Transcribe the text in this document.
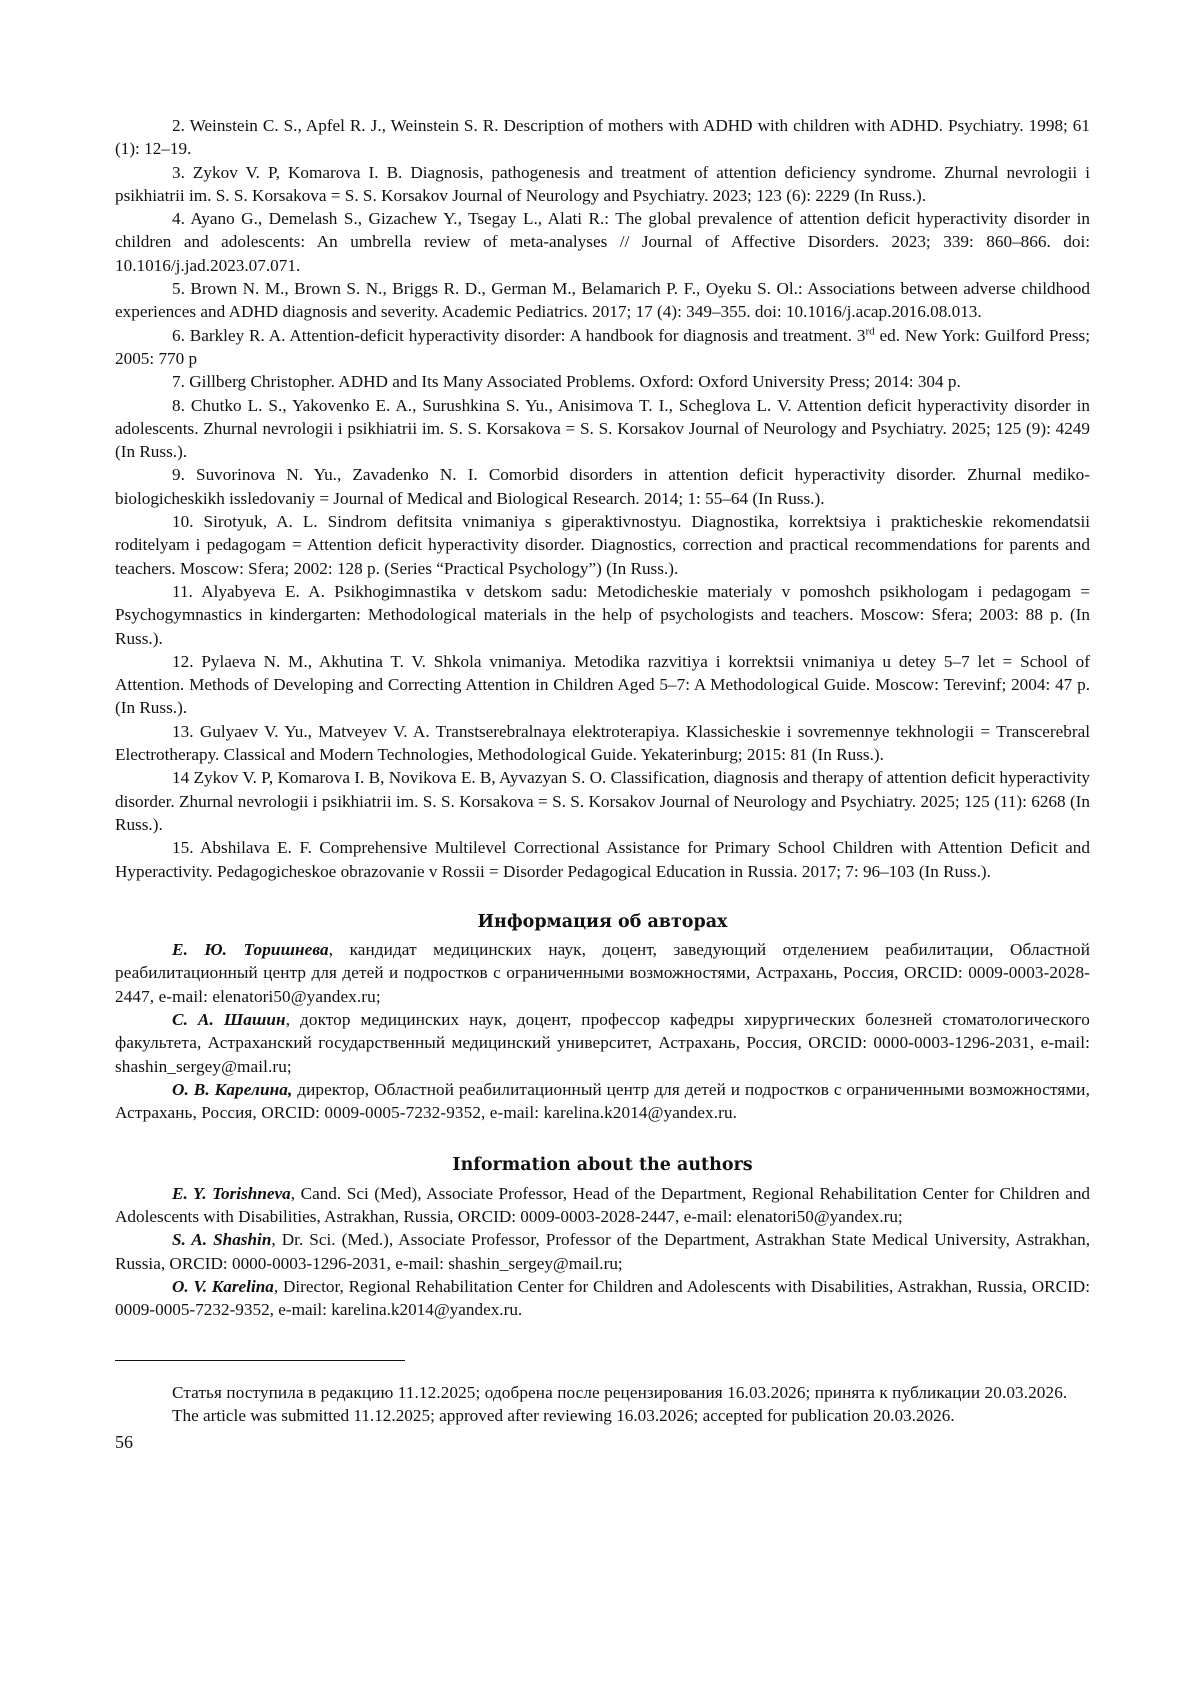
2. Weinstein C. S., Apfel R. J., Weinstein S. R. Description of mothers with ADHD with children with ADHD. Psychiatry. 1998; 61 (1): 12–19.

3. Zykov V. P, Komarova I. B. Diagnosis, pathogenesis and treatment of attention deficiency syndrome. Zhurnal nevrologii i psikhiatrii im. S. S. Korsakova = S. S. Korsakov Journal of Neurology and Psychiatry. 2023; 123 (6): 2229 (In Russ.).

4. Ayano G., Demelash S., Gizachew Y., Tsegay L., Alati R.: The global prevalence of attention deficit hyperactivity disorder in children and adolescents: An umbrella review of meta-analyses // Journal of Affective Disorders. 2023; 339: 860–866. doi: 10.1016/j.jad.2023.07.071.

5. Brown N. M., Brown S. N., Briggs R. D., German M., Belamarich P. F., Oyeku S. Ol.: Associations between adverse childhood experiences and ADHD diagnosis and severity. Academic Pediatrics. 2017; 17 (4): 349–355. doi: 10.1016/j.acap.2016.08.013.

6. Barkley R. A. Attention-deficit hyperactivity disorder: A handbook for diagnosis and treatment. 3rd ed. New York: Guilford Press; 2005: 770 p

7. Gillberg Christopher. ADHD and Its Many Associated Problems. Oxford: Oxford University Press; 2014: 304 p.

8. Chutko L. S., Yakovenko E. A., Surushkina S. Yu., Anisimova T. I., Scheglova L. V. Attention deficit hyperactivity disorder in adolescents. Zhurnal nevrologii i psikhiatrii im. S. S. Korsakova = S. S. Korsakov Journal of Neurology and Psychiatry. 2025; 125 (9): 4249 (In Russ.).

9. Suvorinova N. Yu., Zavadenko N. I. Comorbid disorders in attention deficit hyperactivity disorder. Zhurnal mediko-biologicheskikh issledovaniy = Journal of Medical and Biological Research. 2014; 1: 55–64 (In Russ.).

10. Sirotyuk, A. L. Sindrom defitsita vnimaniya s giperaktivnostyu. Diagnostika, korrektsiya i prakticheskie rekomendatsii roditelyam i pedagogam = Attention deficit hyperactivity disorder. Diagnostics, correction and practical recommendations for parents and teachers. Moscow: Sfera; 2002: 128 p. (Series “Practical Psychology”) (In Russ.).

11. Alyabyeva E. A. Psikhogimnastika v detskom sadu: Metodicheskie materialy v pomoshch psikhologam i pedagogam = Psychogymnastics in kindergarten: Methodological materials in the help of psychologists and teachers. Moscow: Sfera; 2003: 88 p. (In Russ.).

12. Pylaeva N. M., Akhutina T. V. Shkola vnimaniya. Metodika razvitiya i korrektsii vnimaniya u detey 5–7 let = School of Attention. Methods of Developing and Correcting Attention in Children Aged 5–7: A Methodological Guide. Moscow: Terevinf; 2004: 47 p. (In Russ.).

13. Gulyaev V. Yu., Matveyev V. A. Transtserebralnaya elektroterapiya. Klassicheskie i sovremennye tekhnologii = Transcerebral Electrotherapy. Classical and Modern Technologies, Methodological Guide. Yekaterinburg; 2015: 81 (In Russ.).

14 Zykov V. P, Komarova I. B, Novikova E. B, Ayvazyan S. O. Classification, diagnosis and therapy of attention deficit hyperactivity disorder. Zhurnal nevrologii i psikhiatrii im. S. S. Korsakova = S. S. Korsakov Journal of Neurology and Psychiatry. 2025; 125 (11): 6268 (In Russ.).

15. Abshilava E. F. Comprehensive Multilevel Correctional Assistance for Primary School Children with Attention Deficit and Hyperactivity. Pedagogicheskoe obrazovanie v Rossii = Disorder Pedagogical Education in Russia. 2017; 7: 96–103 (In Russ.).

Информация об авторах

Е. Ю. Торишнева, кандидат медицинских наук, доцент, заведующий отделением реабилитации, Областной реабилитационный центр для детей и подростков с ограниченными возможностями, Астрахань, Россия, ORCID: 0009-0003-2028-2447, e-mail: elenatori50@yandex.ru;

С. А. Шашин, доктор медицинских наук, доцент, профессор кафедры хирургических болезней стоматологического факультета, Астраханский государственный медицинский университет, Астрахань, Россия, ORCID: 0000-0003-1296-2031, e-mail: shashin_sergey@mail.ru;

О. В. Карелина, директор, Областной реабилитационный центр для детей и подростков с ограниченными возможностями, Астрахань, Россия, ORCID: 0009-0005-7232-9352, e-mail: karelina.k2014@yandex.ru.

Information about the authors

E. Y. Torishneva, Cand. Sci (Med), Associate Professor, Head of the Department, Regional Rehabilitation Center for Children and Adolescents with Disabilities, Astrakhan, Russia, ORCID: 0009-0003-2028-2447, e-mail: elenatori50@yandex.ru;

S. A. Shashin, Dr. Sci. (Med.), Associate Professor, Professor of the Department, Astrakhan State Medical University, Astrakhan, Russia, ORCID: 0000-0003-1296-2031, e-mail: shashin_sergey@mail.ru;

O. V. Karelina, Director, Regional Rehabilitation Center for Children and Adolescents with Disabilities, Astrakhan, Russia, ORCID: 0009-0005-7232-9352, e-mail: karelina.k2014@yandex.ru.

Статья поступила в редакцию 11.12.2025; одобрена после рецензирования 16.03.2026; принята к публикации 20.03.2026.

The article was submitted 11.12.2025; approved after reviewing 16.03.2026; accepted for publication 20.03.2026.

56
